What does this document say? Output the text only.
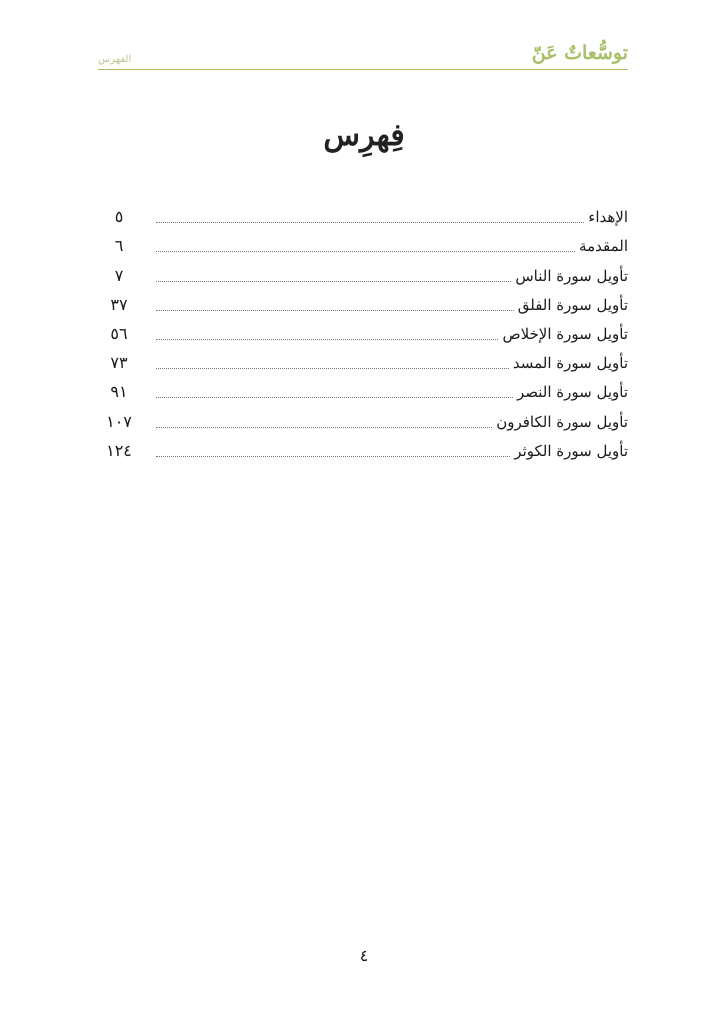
الفهرس	توسُّعاتٌ عَنّ
فِهرِس
الإهداء
٥
المقدمة
٦
تأويل سورة الناس
٧
تأويل سورة الفلق
٣٧
تأويل سورة الإخلاص
٥٦
تأويل سورة المسد
٧٣
تأويل سورة النصر
٩١
تأويل سورة الكافرون
١٠٧
تأويل سورة الكوثر
١٢٤
٤
